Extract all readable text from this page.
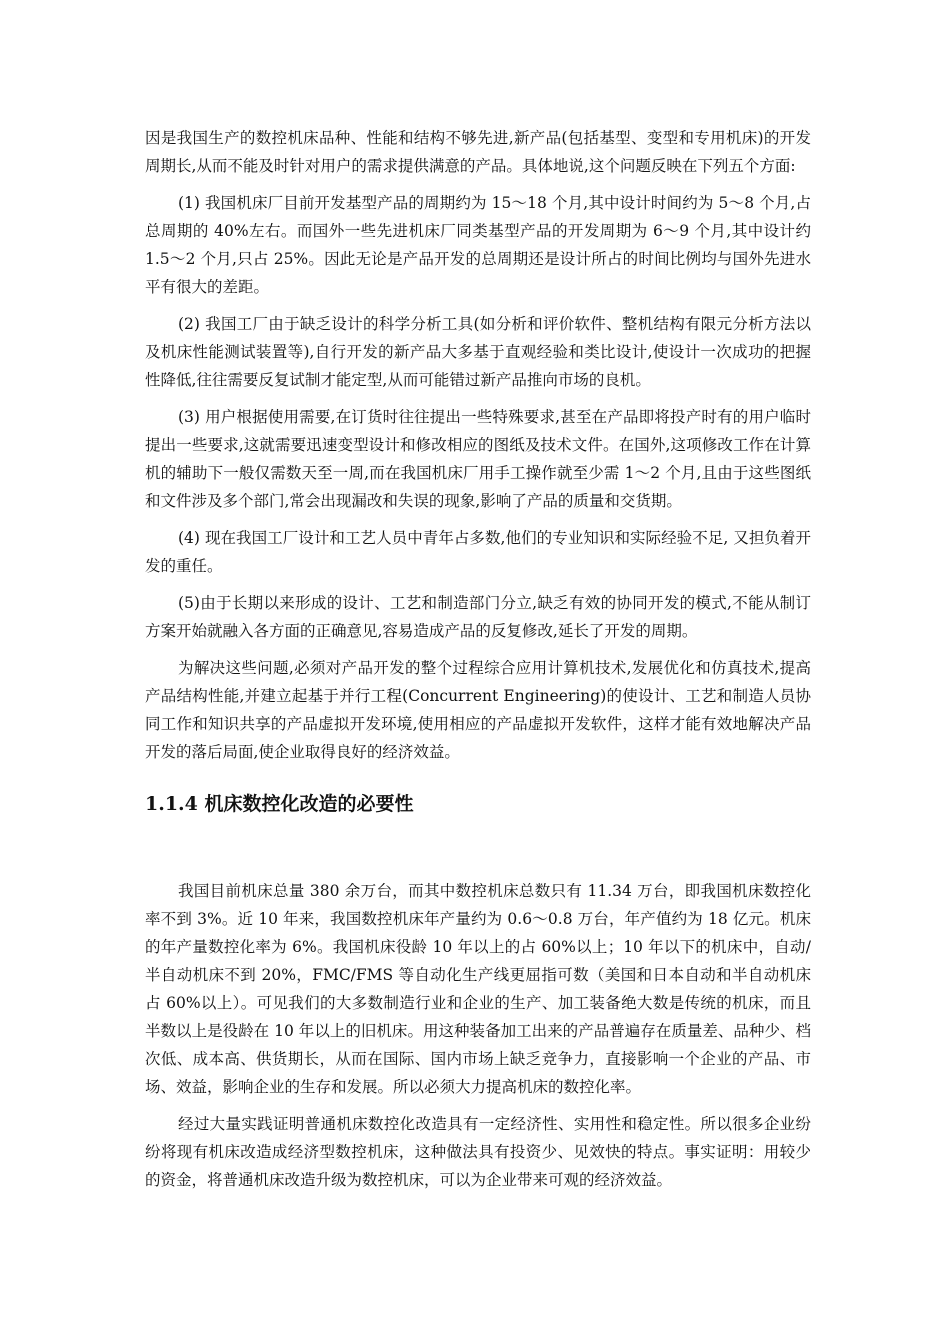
因是我国生产的数控机床品种、性能和结构不够先进,新产品(包括基型、变型和专用机床)的开发周期长,从而不能及时针对用户的需求提供满意的产品。具体地说,这个问题反映在下列五个方面:

(1) 我国机床厂目前开发基型产品的周期约为 15～18 个月,其中设计时间约为 5～8 个月,占总周期的 40%左右。而国外一些先进机床厂同类基型产品的开发周期为 6～9 个月,其中设计约 1.5～2 个月,只占 25%。因此无论是产品开发的总周期还是设计所占的时间比例均与国外先进水平有很大的差距。

(2) 我国工厂由于缺乏设计的科学分析工具(如分析和评价软件、整机结构有限元分析方法以及机床性能测试装置等),自行开发的新产品大多基于直观经验和类比设计,使设计一次成功的把握性降低,往往需要反复试制才能定型,从而可能错过新产品推向市场的良机。

(3) 用户根据使用需要,在订货时往往提出一些特殊要求,甚至在产品即将投产时有的用户临时提出一些要求,这就需要迅速变型设计和修改相应的图纸及技术文件。在国外,这项修改工作在计算机的辅助下一般仅需数天至一周,而在我国机床厂用手工操作就至少需 1～2 个月,且由于这些图纸和文件涉及多个部门,常会出现漏改和失误的现象,影响了产品的质量和交货期。

(4) 现在我国工厂设计和工艺人员中青年占多数,他们的专业知识和实际经验不足, 又担负着开发的重任。

(5)由于长期以来形成的设计、工艺和制造部门分立,缺乏有效的协同开发的模式,不能从制订方案开始就融入各方面的正确意见,容易造成产品的反复修改,延长了开发的周期。

为解决这些问题,必须对产品开发的整个过程综合应用计算机技术,发展优化和仿真技术,提高产品结构性能,并建立起基于并行工程(Concurrent Engineering)的使设计、工艺和制造人员协同工作和知识共享的产品虚拟开发环境,使用相应的产品虚拟开发软件，这样才能有效地解决产品开发的落后局面,使企业取得良好的经济效益。

1.1.4 机床数控化改造的必要性

我国目前机床总量 380 余万台，而其中数控机床总数只有 11.34 万台，即我国机床数控化率不到 3%。近 10 年来，我国数控机床年产量约为 0.6～0.8 万台，年产值约为 18 亿元。机床的年产量数控化率为 6%。我国机床役龄 10 年以上的占 60%以上；10 年以下的机床中，自动/半自动机床不到 20%，FMC/FMS 等自动化生产线更屈指可数（美国和日本自动和半自动机床占 60%以上）。可见我们的大多数制造行业和企业的生产、加工装备绝大数是传统的机床，而且半数以上是役龄在 10 年以上的旧机床。用这种装备加工出来的产品普遍存在质量差、品种少、档次低、成本高、供货期长，从而在国际、国内市场上缺乏竞争力，直接影响一个企业的产品、市场、效益，影响企业的生存和发展。所以必须大力提高机床的数控化率。

经过大量实践证明普通机床数控化改造具有一定经济性、实用性和稳定性。所以很多企业纷纷将现有机床改造成经济型数控机床，这种做法具有投资少、见效快的特点。事实证明：用较少的资金，将普通机床改造升级为数控机床，可以为企业带来可观的经济效益。
